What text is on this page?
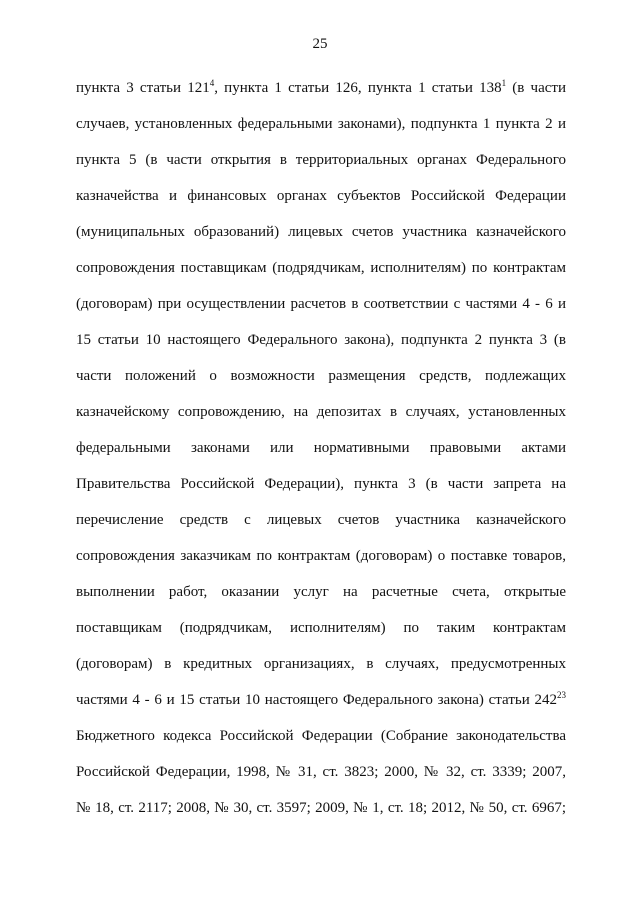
25
пункта 3 статьи $121^4$, пункта 1 статьи 126, пункта 1 статьи $138^1$ (в части
случаев, установленных федеральными законами), подпункта 1 пункта 2 и
пункта 5 (в части открытия в территориальных органах Федерального
казначейства и финансовых органах субъектов Российской Федерации
(муниципальных образований) лицевых счетов участника казначейского
сопровождения поставщикам (подрядчикам, исполнителям) по контрактам
(договорам) при осуществлении расчетов в соответствии с частями 4 - 6 и
15 статьи 10 настоящего Федерального закона), подпункта 2 пункта 3 (в
части положений о возможности размещения средств, подлежащих
казначейскому сопровождению, на депозитах в случаях, установленных
федеральными законами или нормативными правовыми актами
Правительства Российской Федерации), пункта 3 (в части запрета на
перечисление средств с лицевых счетов участника казначейского
сопровождения заказчикам по контрактам (договорам) о поставке товаров,
выполнении работ, оказании услуг на расчетные счета, открытые
поставщикам (подрядчикам, исполнителям) по таким контрактам
(договорам) в кредитных организациях, в случаях, предусмотренных
частями 4 - 6 и 15 статьи 10 настоящего Федерального закона) статьи $242^{23}$
Бюджетного кодекса Российской Федерации (Собрание законодательства
Российской Федерации, 1998, № 31, ст. 3823; 2000, № 32, ст. 3339; 2007,
№ 18, ст. 2117; 2008, № 30, ст. 3597; 2009, № 1, ст. 18; 2012, № 50, ст. 6967;
